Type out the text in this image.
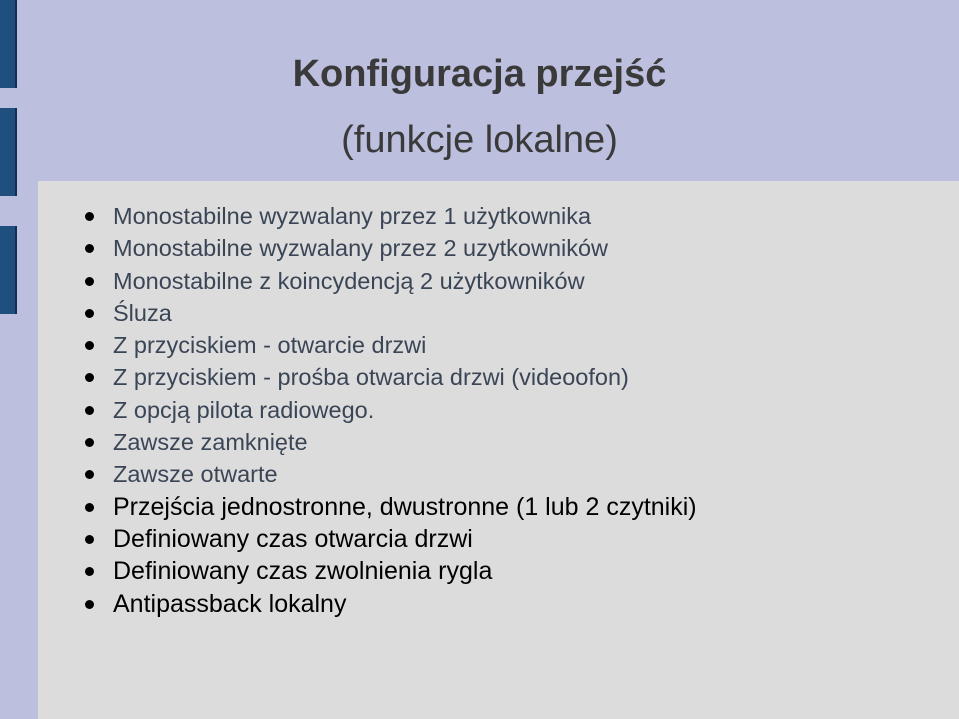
Konfiguracja przejść
(funkcje lokalne)
Monostabilne wyzwalany przez 1 użytkownika
Monostabilne wyzwalany przez 2 uzytkowników
Monostabilne z koincydencją 2 użytkowników
Śluza
Z przyciskiem - otwarcie drzwi
Z przyciskiem - prośba otwarcia drzwi (videoofon)
Z opcją pilota radiowego.
Zawsze zamknięte
Zawsze otwarte
Przejścia jednostronne, dwustronne (1 lub 2 czytniki)
Definiowany czas otwarcia drzwi
Definiowany czas zwolnienia rygla
Antipassback lokalny
